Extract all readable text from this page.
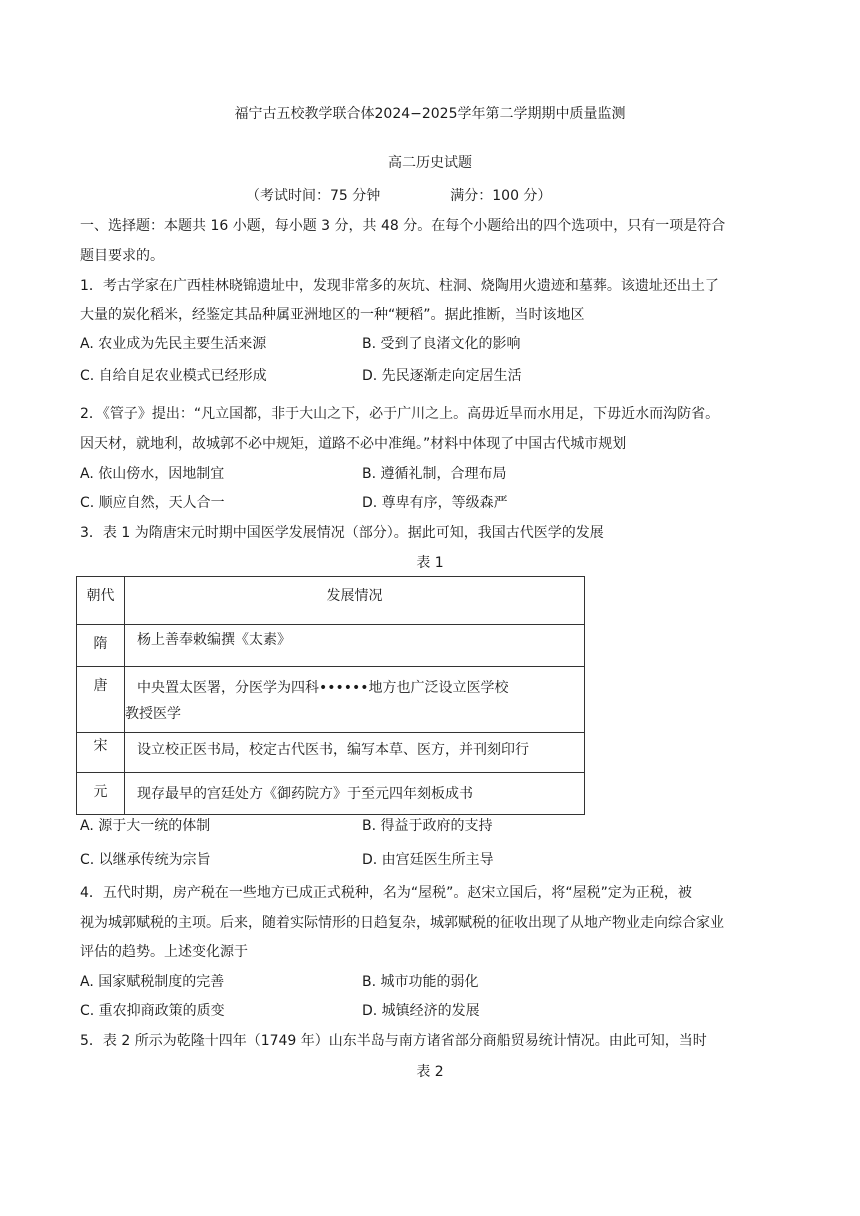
福宁古五校教学联合体2024−2025学年第二学期期中质量监测
高二历史试题
（考试时间：75 分钟　　　　　满分：100 分）
一、选择题：本题共 16 小题，每小题 3 分，共 48 分。在每个小题给出的四个选项中，只有一项是符合
题目要求的。
1．考古学家在广西桂林晓锦遗址中，发现非常多的灰坑、柱洞、烧陶用火遗迹和墓葬。该遗址还出土了
大量的炭化稻米，经鉴定其品种属亚洲地区的一种“粳稻”。据此推断，当时该地区
A. 农业成为先民主要生活来源	B. 受到了良渚文化的影响
C. 自给自足农业模式已经形成	D. 先民逐渐走向定居生活
2．《管子》提出：“凡立国都，非于大山之下，必于广川之上。高毋近旱而水用足，下毋近水而沟防省。
因天材，就地利，故城郭不必中规矩，道路不必中准绳。”材料中体现了中国古代城市规划
A. 依山傍水，因地制宜	B. 遵循礼制，合理布局
C. 顺应自然，天人合一	D. 尊卑有序，等级森严
3．表 1 为隋唐宋元时期中国医学发展情况（部分）。据此可知，我国古代医学的发展
表 1
朝代	发展情况
隋	杨上善奉敕编撰《太素》
唐	中央置太医署，分医学为四科••••••地方也广泛设立医学校
教授医学

宋	设立校正医书局，校定古代医书，编写本草、医方，并刊刻印行
元	现存最早的宫廷处方《御药院方》于至元四年刻板成书
A. 源于大一统的体制	B. 得益于政府的支持
C. 以继承传统为宗旨	D. 由宫廷医生所主导
4．五代时期，房产税在一些地方已成正式税种，名为“屋税”。赵宋立国后，将“屋税”定为正税，被
视为城郭赋税的主项。后来，随着实际情形的日趋复杂，城郭赋税的征收出现了从地产物业走向综合家业
评估的趋势。上述变化源于
A. 国家赋税制度的完善	B. 城市功能的弱化
C. 重农抑商政策的质变	D. 城镇经济的发展
5．表 2 所示为乾隆十四年（1749 年）山东半岛与南方诸省部分商船贸易统计情况。由此可知，当时
表 2
